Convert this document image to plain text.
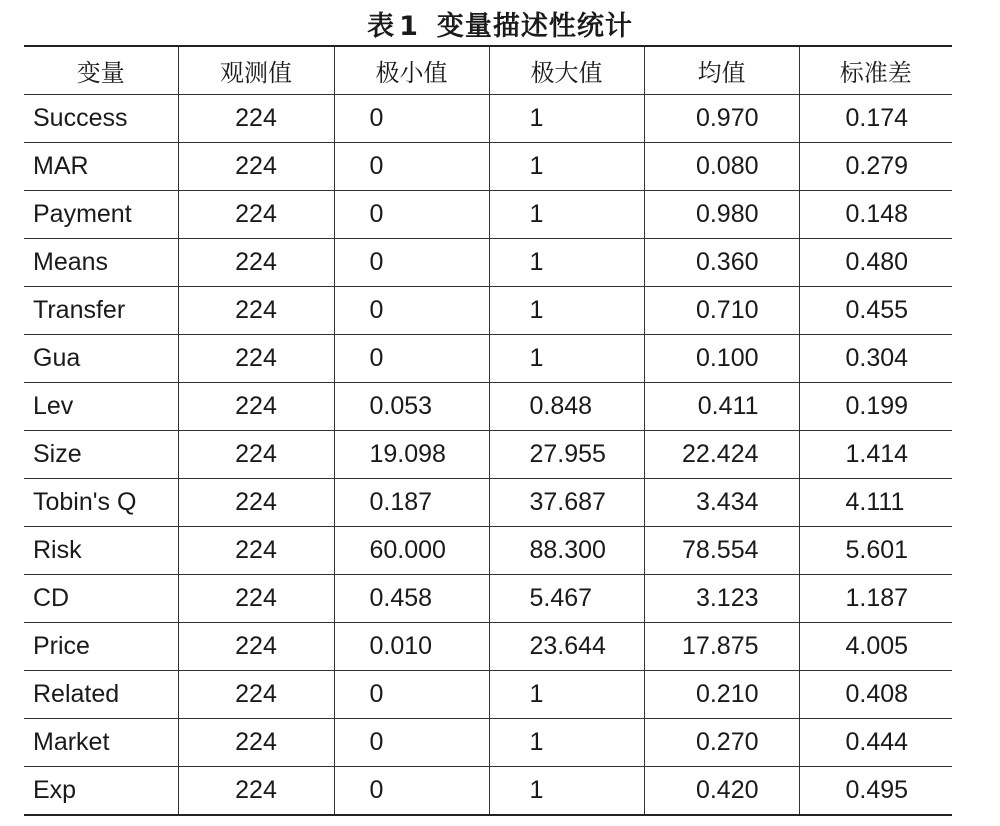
表 1 变量描述性统计
变量	观测值	极小值	极大值	均值	标准差
Success	224	0	1	0.970	0.174
MAR	224	0	1	0.080	0.279
Payment	224	0	1	0.980	0.148
Means	224	0	1	0.360	0.480
Transfer	224	0	1	0.710	0.455
Gua	224	0	1	0.100	0.304
Lev	224	0.053	0.848	0.411	0.199
Size	224	19.098	27.955	22.424	1.414
Tobin's Q	224	0.187	37.687	3.434	4.111
Risk	224	60.000	88.300	78.554	5.601
CD	224	0.458	5.467	3.123	1.187
Price	224	0.010	23.644	17.875	4.005
Related	224	0	1	0.210	0.408
Market	224	0	1	0.270	0.444
Exp	224	0	1	0.420	0.495
